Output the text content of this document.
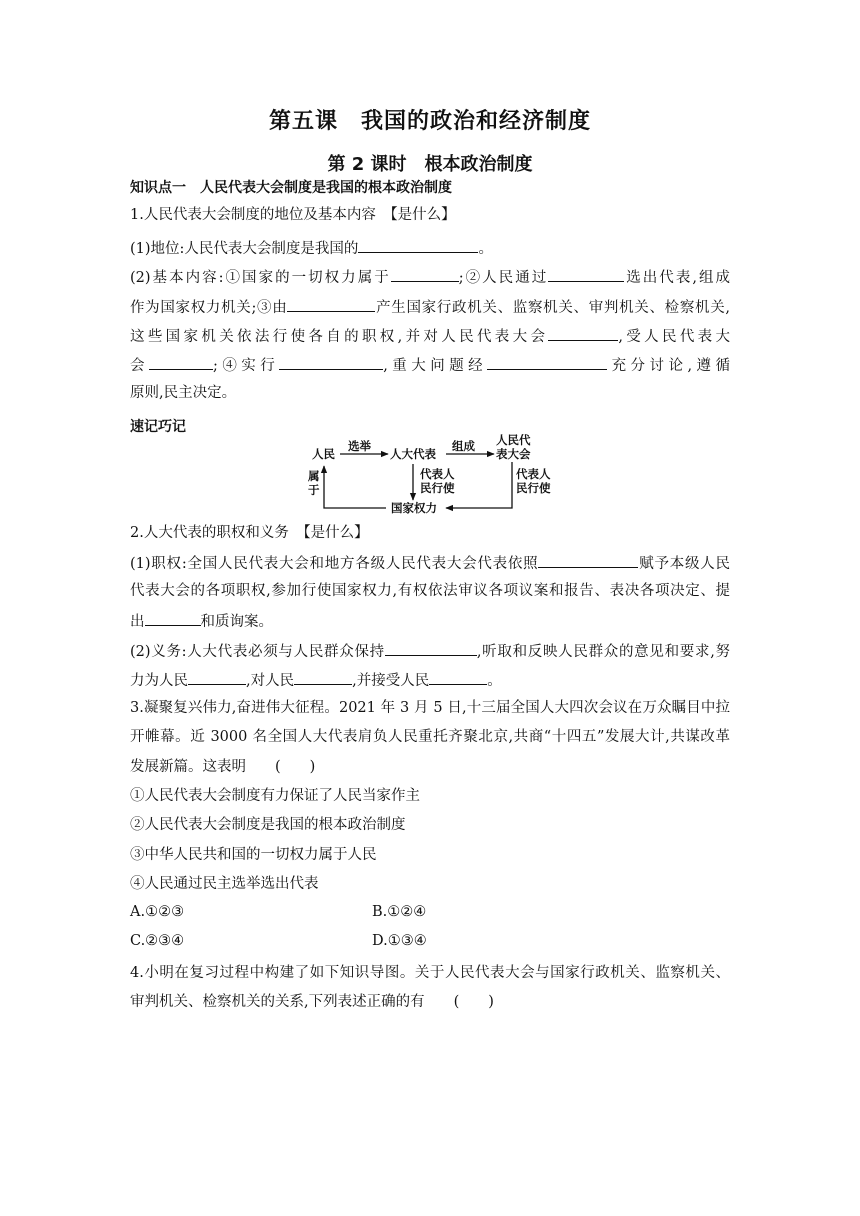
第五课　我国的政治和经济制度
第 2 课时　根本政治制度
知识点一　人民代表大会制度是我国的根本政治制度
1.人民代表大会制度的地位及基本内容　【是什么】
(1)地位:人民代表大会制度是我国的	。
(2)基本内容:①国家的一切权力属于	;②人民通过	选出代表,组成
作为国家权力机关;③由	产生国家行政机关、监察机关、审判机关、检察机关,
这些国家机关依法行使各自的职权,并对人民代表大会	,受人民代表大
会	;④实行	,重大问题经	充分讨论,遵循
原则,民主决定。
速记巧记
人民
选举
人大代表
组成 人民代
表大会
代表人
民行使
代表人
民行使
国家权力
属
于
2.人大代表的职权和义务　【是什么】
(1)职权:全国人民代表大会和地方各级人民代表大会代表依照	赋予本级人民
代表大会的各项职权,参加行使国家权力,有权依法审议各项议案和报告、表决各项决定、提
出	和质询案。
(2)义务:人大代表必须与人民群众保持	,听取和反映人民群众的意见和要求,努
力为人民	,对人民	,并接受人民	。
3.凝聚复兴伟力,奋进伟大征程。2021 年 3 月 5 日,十三届全国人大四次会议在万众瞩目中拉
开帷幕。近 3000 名全国人大代表肩负人民重托齐聚北京,共商“十四五”发展大计,共谋改革
发展新篇。这表明　　(　　)
①人民代表大会制度有力保证了人民当家作主
②人民代表大会制度是我国的根本政治制度
③中华人民共和国的一切权力属于人民
④人民通过民主选举选出代表
A.①②③	B.①②④
C.②③④	D.①③④
4.小明在复习过程中构建了如下知识导图。关于人民代表大会与国家行政机关、监察机关、
审判机关、检察机关的关系,下列表述正确的有　　(　　)
